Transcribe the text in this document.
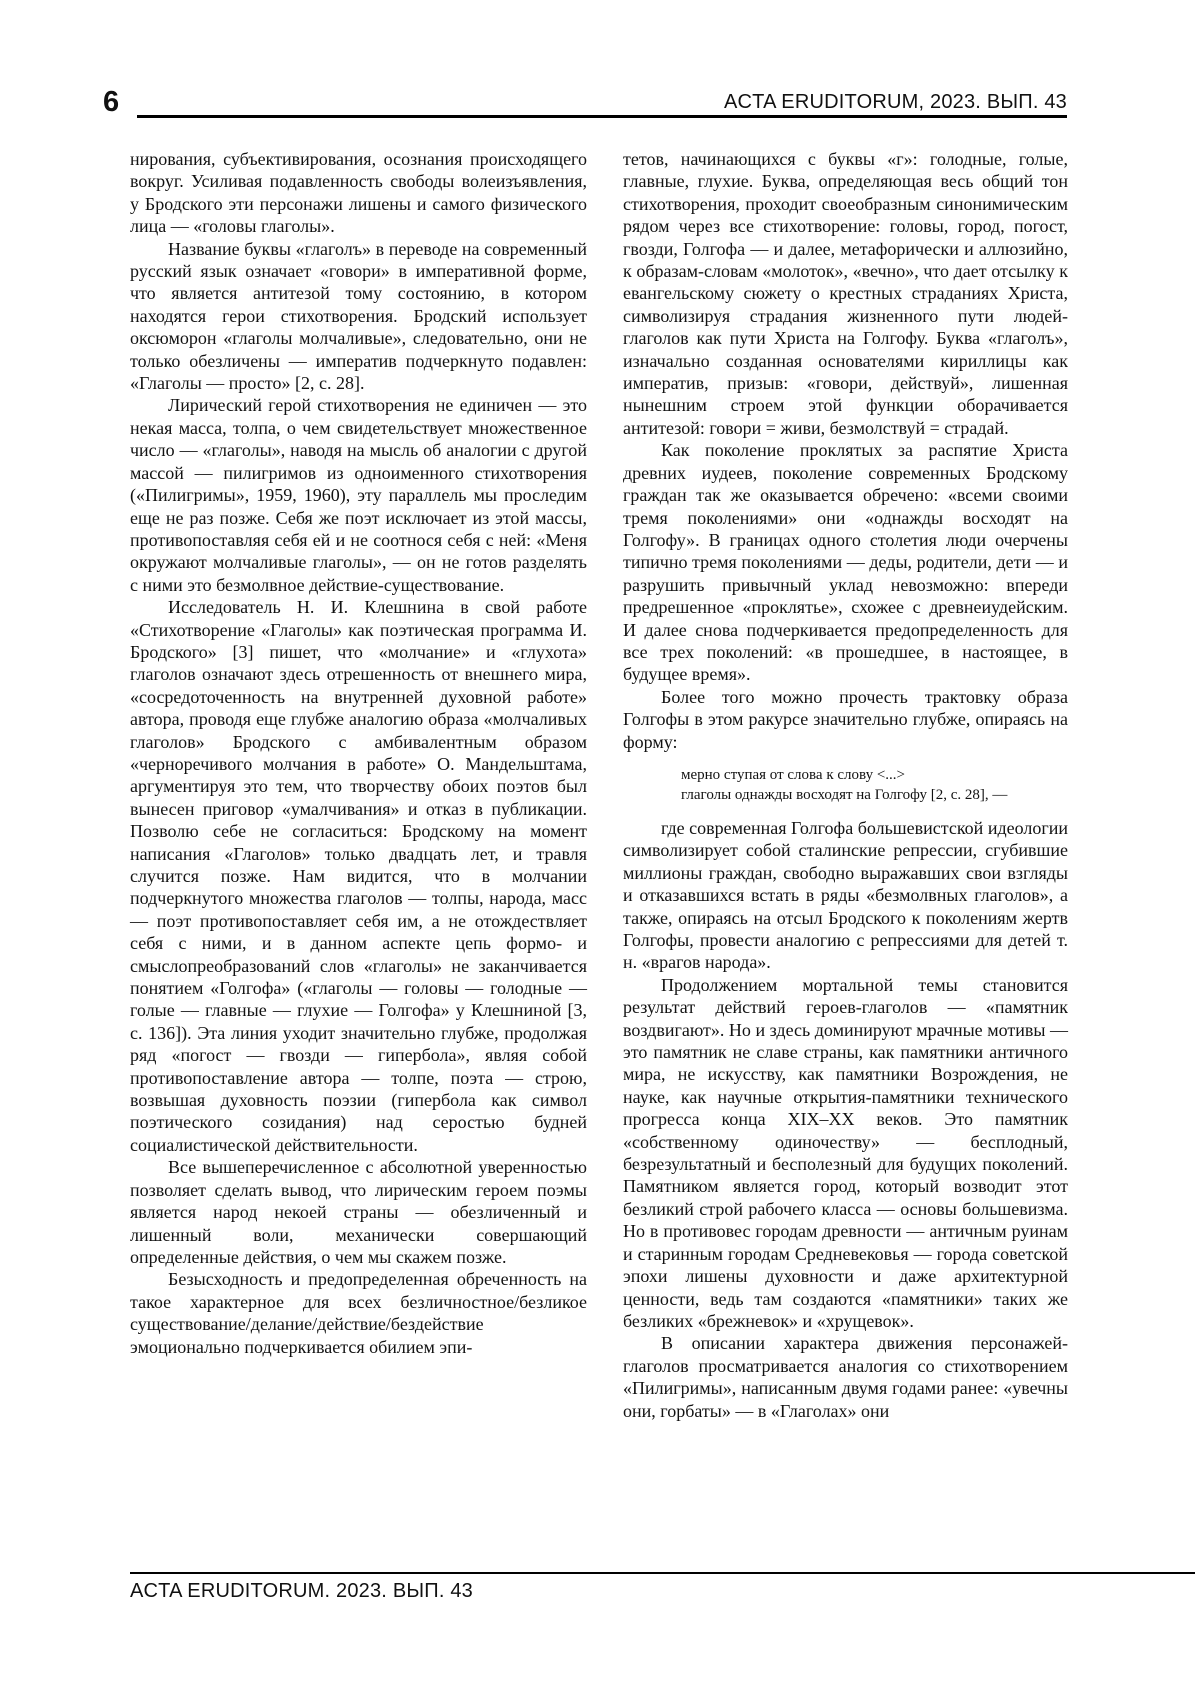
6	ACTA ERUDITORUM, 2023. ВЫП. 43

нирования, субъективирования, осознания происходящего вокруг. Усиливая подавленность свободы волеизъявления, у Бродского эти персонажи лишены и самого физического лица — «головы глаголы».

Название буквы «глаголъ» в переводе на современный русский язык означает «говори» в императивной форме, что является антитезой тому состоянию, в котором находятся герои стихотворения. Бродский использует оксюморон «глаголы молчаливые», следовательно, они не только обезличены — императив подчеркнуто подавлен: «Глаголы — просто» [2, с. 28].

Лирический герой стихотворения не единичен — это некая масса, толпа, о чем свидетельствует множественное число — «глаголы», наводя на мысль об аналогии с другой массой — пилигримов из одноименного стихотворения («Пилигримы», 1959, 1960), эту параллель мы проследим еще не раз позже. Себя же поэт исключает из этой массы, противопоставляя себя ей и не соотнося себя с ней: «Меня окружают молчаливые глаголы», — он не готов разделять с ними это безмолвное действие-существование.

Исследователь Н. И. Клешнина в свой работе «Стихотворение «Глаголы» как поэтическая программа И. Бродского» [3] пишет, что «молчание» и «глухота» глаголов означают здесь отрешенность от внешнего мира, «сосредоточенность на внутренней духовной работе» автора, проводя еще глубже аналогию образа «молчаливых глаголов» Бродского с амбивалентным образом «черноречивого молчания в работе» О. Мандельштама, аргументируя это тем, что творчеству обоих поэтов был вынесен приговор «умалчивания» и отказ в публикации. Позволю себе не согласиться: Бродскому на момент написания «Глаголов» только двадцать лет, и травля случится позже. Нам видится, что в молчании подчеркнутого множества глаголов — толпы, народа, масс — поэт противопоставляет себя им, а не отождествляет себя с ними, и в данном аспекте цепь формо- и смыслопреобразований слов «глаголы» не заканчивается понятием «Голгофа» («глаголы — головы — голодные — голые — главные — глухие — Голгофа» у Клешниной [3, с. 136]). Эта линия уходит значительно глубже, продолжая ряд «погост — гвозди — гипербола», являя собой противопоставление автора — толпе, поэта — строю, возвышая духовность поэзии (гипербола как символ поэтического созидания) над серостью будней социалистической действительности.

Все вышеперечисленное с абсолютной уверенностью позволяет сделать вывод, что лирическим героем поэмы является народ некоей страны — обезличенный и лишенный воли, механически совершающий определенные действия, о чем мы скажем позже.

Безысходность и предопределенная обреченность на такое характерное для всех безличностное/безликое существование/делание/действие/бездействие эмоционально подчеркивается обилием эпи-

тетов, начинающихся с буквы «г»: голодные, голые, главные, глухие. Буква, определяющая весь общий тон стихотворения, проходит своеобразным синонимическим рядом через все стихотворение: головы, город, погост, гвозди, Голгофа — и далее, метафорически и аллюзийно, к образам-словам «молоток», «вечно», что дает отсылку к евангельскому сюжету о крестных страданиях Христа, символизируя страдания жизненного пути людей-глаголов как пути Христа на Голгофу. Буква «глаголъ», изначально созданная основателями кириллицы как императив, призыв: «говори, действуй», лишенная нынешним строем этой функции оборачивается антитезой: говори = живи, безмолствуй = страдай.

Как поколение проклятых за распятие Христа древних иудеев, поколение современных Бродскому граждан так же оказывается обречено: «всеми своими тремя поколениями» они «однажды восходят на Голгофу». В границах одного столетия люди очерчены типично тремя поколениями — деды, родители, дети — и разрушить привычный уклад невозможно: впереди предрешенное «проклятье», схожее с древнеиудейским. И далее снова подчеркивается предопределенность для все трех поколений: «в прошедшее, в настоящее, в будущее время».

Более того можно прочесть трактовку образа Голгофы в этом ракурсе значительно глубже, опираясь на форму:

мерно ступая от слова к слову <...>
глаголы однажды восходят на Голгофу [2, с. 28], —

где современная Голгофа большевистской идеологии символизирует собой сталинские репрессии, сгубившие миллионы граждан, свободно выражавших свои взгляды и отказавшихся встать в ряды «безмолвных глаголов», а также, опираясь на отсыл Бродского к поколениям жертв Голгофы, провести аналогию с репрессиями для детей т. н. «врагов народа».

Продолжением мортальной темы становится результат действий героев-глаголов — «памятник воздвигают». Но и здесь доминируют мрачные мотивы — это памятник не славе страны, как памятники античного мира, не искусству, как памятники Возрождения, не науке, как научные открытия-памятники технического прогресса конца XIX–XX веков. Это памятник «собственному одиночеству» — бесплодный, безрезультатный и бесполезный для будущих поколений. Памятником является город, который возводит этот безликий строй рабочего класса — основы большевизма. Но в противовес городам древности — античным руинам и старинным городам Средневековья — города советской эпохи лишены духовности и даже архитектурной ценности, ведь там создаются «памятники» таких же безликих «брежневок» и «хрущевок».

В описании характера движения персонажей-глаголов просматривается аналогия со стихотворением «Пилигримы», написанным двумя годами ранее: «увечны они, горбаты» — в «Глаголах» они

ACTA ERUDITORUM. 2023. ВЫП. 43
